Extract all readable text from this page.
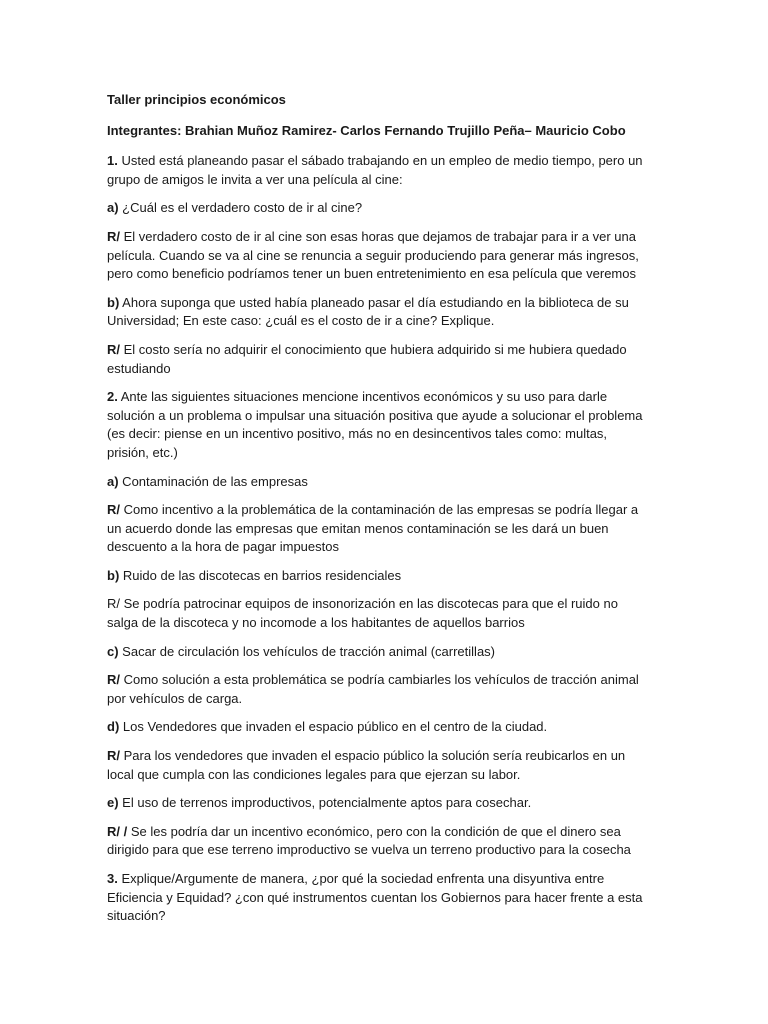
Taller principios económicos
Integrantes: Brahian Muñoz Ramirez- Carlos Fernando Trujillo Peña– Mauricio Cobo
1. Usted está planeando pasar el sábado trabajando en un empleo de medio tiempo, pero un grupo de amigos le invita a ver una película al cine:
a) ¿Cuál es el verdadero costo de ir al cine?
R/ El verdadero costo de ir al cine son esas horas que dejamos de trabajar para ir a ver una película. Cuando se va al cine se renuncia a seguir produciendo para generar más ingresos, pero como beneficio podríamos tener un buen entretenimiento en esa película que veremos
b) Ahora suponga que usted había planeado pasar el día estudiando en la biblioteca de su Universidad; En este caso: ¿cuál es el costo de ir a cine? Explique.
R/ El costo sería no adquirir el conocimiento que hubiera adquirido si me hubiera quedado estudiando
2. Ante las siguientes situaciones mencione incentivos económicos y su uso para darle solución a un problema o impulsar una situación positiva que ayude a solucionar el problema (es decir: piense en un incentivo positivo, más no en desincentivos tales como: multas, prisión, etc.)
a) Contaminación de las empresas
R/ Como incentivo a la problemática de la contaminación de las empresas se podría llegar a un acuerdo donde las empresas que emitan menos contaminación se les dará un buen descuento a la hora de pagar impuestos
b) Ruido de las discotecas en barrios residenciales
R/ Se podría patrocinar equipos de insonorización en las discotecas para que el ruido no salga de la discoteca y no incomode a los habitantes de aquellos barrios
c) Sacar de circulación los vehículos de tracción animal (carretillas)
R/ Como solución a esta problemática se podría cambiarles los vehículos de tracción animal por vehículos de carga.
d) Los Vendedores que invaden el espacio público en el centro de la ciudad.
R/ Para los vendedores que invaden el espacio público la solución sería reubicarlos en un local que cumpla con las condiciones legales para que ejerzan su labor.
e) El uso de terrenos improductivos, potencialmente aptos para cosechar.
R/ / Se les podría dar un incentivo económico, pero con la condición de que el dinero sea dirigido para que ese terreno improductivo se vuelva un terreno productivo para la cosecha
3. Explique/Argumente de manera, ¿por qué la sociedad enfrenta una disyuntiva entre Eficiencia y Equidad? ¿con qué instrumentos cuentan los Gobiernos para hacer frente a esta situación?
